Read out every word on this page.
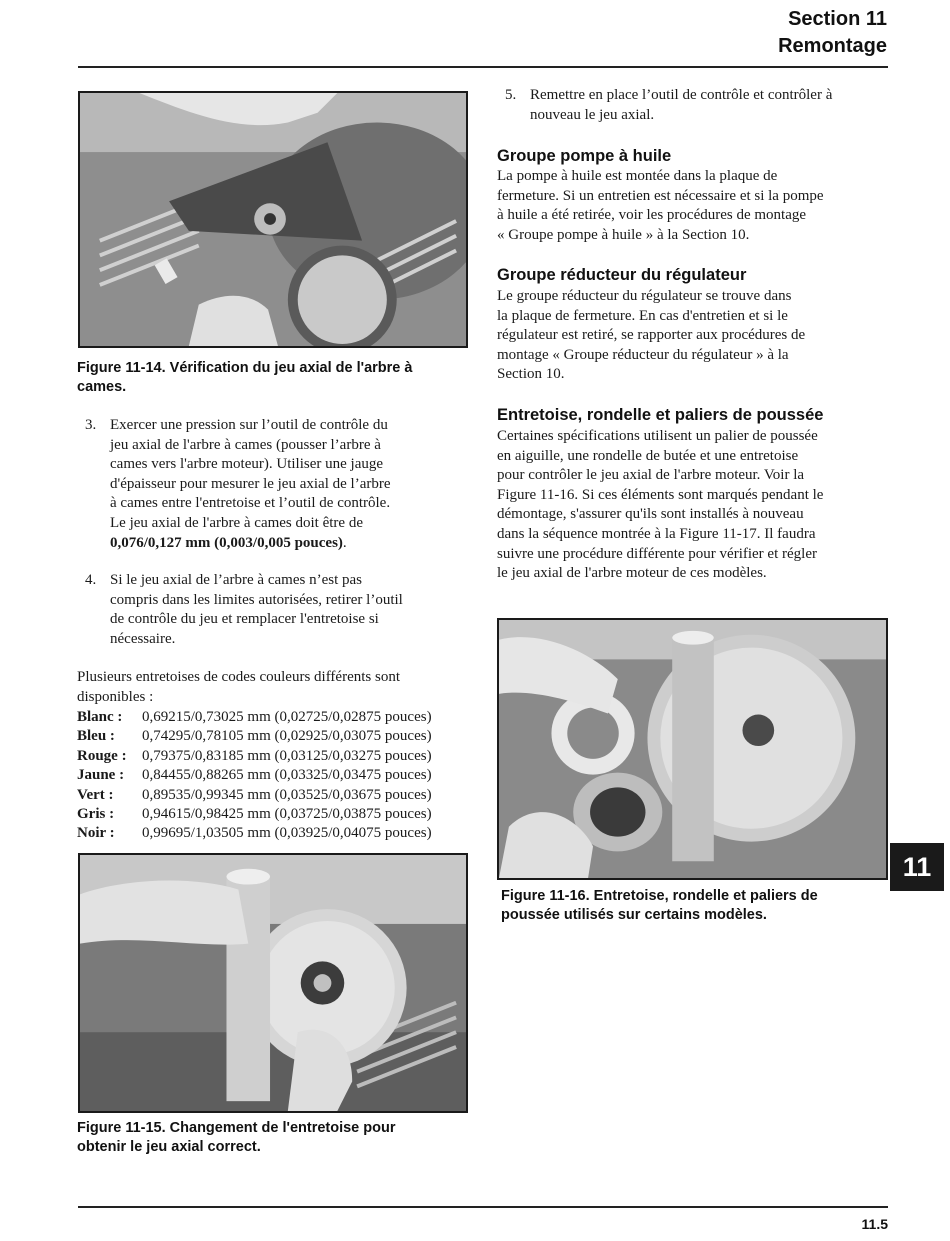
Section 11
Remontage
Figure 11-14. Vérification du jeu axial de l'arbre à
cames.
3. Exercer une pression sur l’outil de contrôle du
jeu axial de l'arbre à cames (pousser l’arbre à
cames vers l'arbre moteur). Utiliser une jauge
d'épaisseur pour mesurer le jeu axial de l’arbre
à cames entre l'entretoise et l’outil de contrôle.
Le jeu axial de l'arbre à cames doit être de
0,076/0,127 mm (0,003/0,005 pouces).
4. Si le jeu axial de l’arbre à cames n’est pas
compris dans les limites autorisées, retirer l’outil
de contrôle du jeu et remplacer l'entretoise si
nécessaire.
Plusieurs entretoises de codes couleurs différents sont
disponibles :
Blanc : 0,69215/0,73025 mm (0,02725/0,02875 pouces)
Bleu : 0,74295/0,78105 mm (0,02925/0,03075 pouces)
Rouge : 0,79375/0,83185 mm (0,03125/0,03275 pouces)
Jaune : 0,84455/0,88265 mm (0,03325/0,03475 pouces)
Vert : 0,89535/0,99345 mm (0,03525/0,03675 pouces)
Gris : 0,94615/0,98425 mm (0,03725/0,03875 pouces)
Noir : 0,99695/1,03505 mm (0,03925/0,04075 pouces)
Figure 11-15. Changement de l'entretoise pour
obtenir le jeu axial correct.
5. Remettre en place l’outil de contrôle et contrôler à
nouveau le jeu axial.
Groupe pompe à huile
La pompe à huile est montée dans la plaque de
fermeture. Si un entretien est nécessaire et si la pompe
à huile a été retirée, voir les procédures de montage
« Groupe pompe à huile » à la Section 10.
Groupe réducteur du régulateur
Le groupe réducteur du régulateur se trouve dans
la plaque de fermeture. En cas d'entretien et si le
régulateur est retiré, se rapporter aux procédures de
montage « Groupe réducteur du régulateur » à la
Section 10.
Entretoise, rondelle et paliers de poussée
Certaines spécifications utilisent un palier de poussée
en aiguille, une rondelle de butée et une entretoise
pour contrôler le jeu axial de l'arbre moteur. Voir la
Figure 11-16. Si ces éléments sont marqués pendant le
démontage, s'assurer qu'ils sont installés à nouveau
dans la séquence montrée à la Figure 11-17. Il faudra
suivre une procédure différente pour vérifier et régler
le jeu axial de l'arbre moteur de ces modèles.
11
11.5
Figure 11-16. Entretoise, rondelle et paliers de
poussée utilisés sur certains modèles.
